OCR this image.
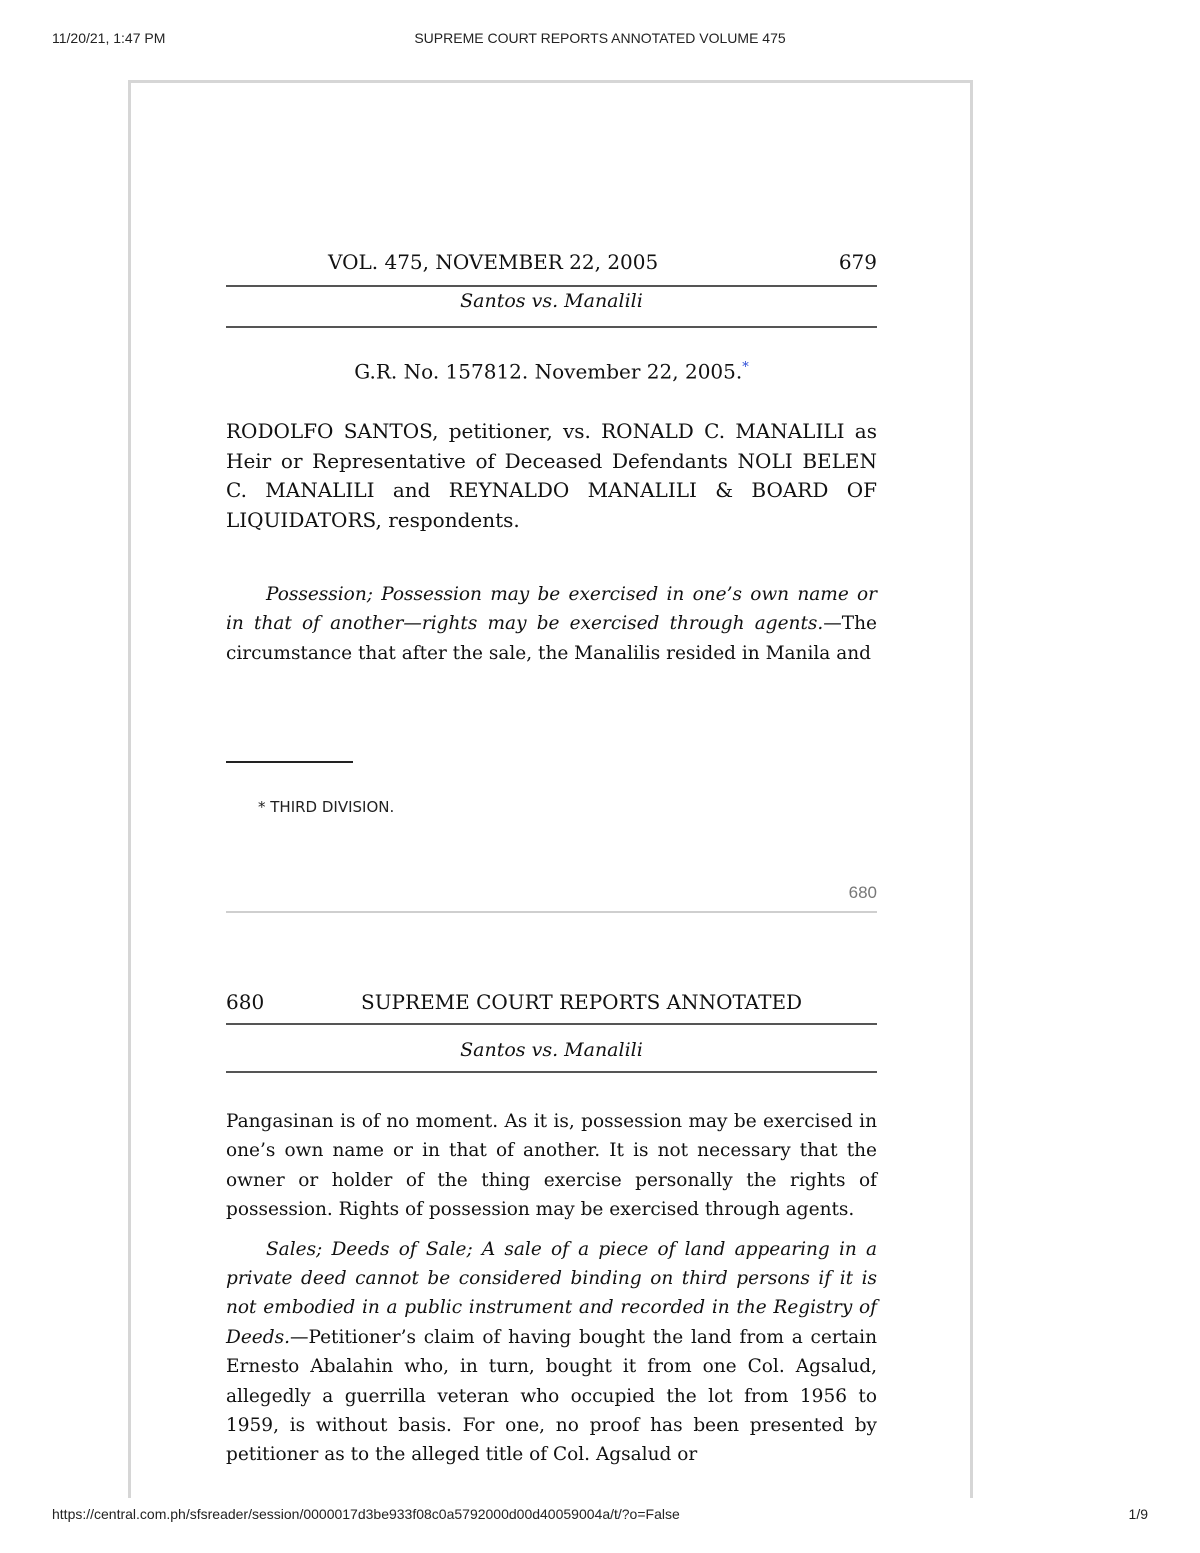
11/20/21, 1:47 PM	SUPREME COURT REPORTS ANNOTATED VOLUME 475
VOL. 475, NOVEMBER 22, 2005	679
Santos vs. Manalili
G.R. No. 157812. November 22, 2005.*
RODOLFO SANTOS, petitioner, vs. RONALD C. MANALILI as Heir or Representative of Deceased Defendants NOLI BELEN C. MANALILI and REYNALDO MANALILI & BOARD OF LIQUIDATORS, respondents.

Possession; Possession may be exercised in one’s own name or in that of another—rights may be exercised through agents.—The circumstance that after the sale, the Manalilis resided in Manila and

* THIRD DIVISION.
680
680	SUPREME COURT REPORTS ANNOTATED
Santos vs. Manalili

Pangasinan is of no moment. As it is, possession may be exercised in one’s own name or in that of another. It is not necessary that the owner or holder of the thing exercise personally the rights of possession. Rights of possession may be exercised through agents.

Sales; Deeds of Sale; A sale of a piece of land appearing in a private deed cannot be considered binding on third persons if it is not embodied in a public instrument and recorded in the Registry of Deeds.—Petitioner’s claim of having bought the land from a certain Ernesto Abalahin who, in turn, bought it from one Col. Agsalud, allegedly a guerrilla veteran who occupied the lot from 1956 to 1959, is without basis. For one, no proof has been presented by petitioner as to the alleged title of Col. Agsalud or

https://central.com.ph/sfsreader/session/0000017d3be933f08c0a5792000d00d40059004a/t/?o=False	1/9
